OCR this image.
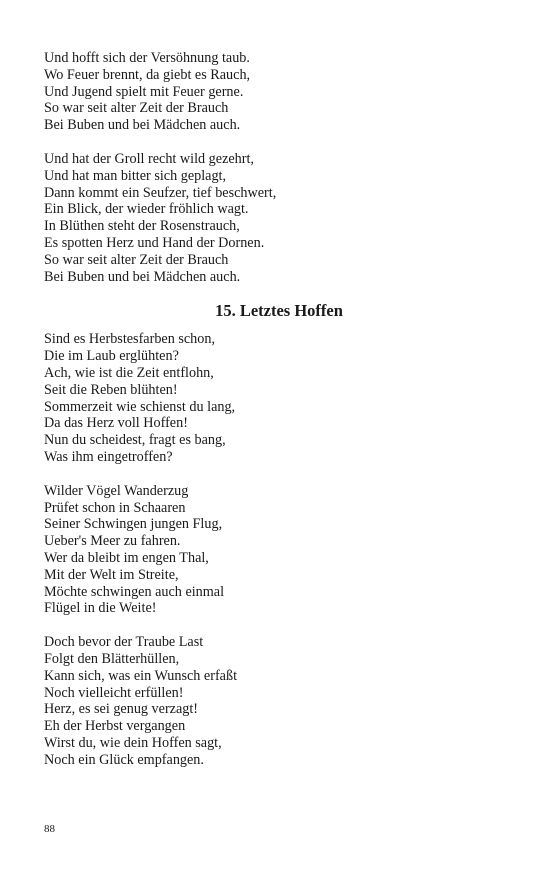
Und hofft sich der Versöhnung taub.
Wo Feuer brennt, da giebt es Rauch,
Und Jugend spielt mit Feuer gerne.
So war seit alter Zeit der Brauch
Bei Buben und bei Mädchen auch.
Und hat der Groll recht wild gezehrt,
Und hat man bitter sich geplagt,
Dann kommt ein Seufzer, tief beschwert,
Ein Blick, der wieder fröhlich wagt.
In Blüthen steht der Rosenstrauch,
Es spotten Herz und Hand der Dornen.
So war seit alter Zeit der Brauch
Bei Buben und bei Mädchen auch.
15. Letztes Hoffen
Sind es Herbstesfarben schon,
Die im Laub erglühten?
Ach, wie ist die Zeit entflohn,
Seit die Reben blühten!
Sommerzeit wie schienst du lang,
Da das Herz voll Hoffen!
Nun du scheidest, fragt es bang,
Was ihm eingetroffen?
Wilder Vögel Wanderzug
Prüfet schon in Schaaren
Seiner Schwingen jungen Flug,
Ueber's Meer zu fahren.
Wer da bleibt im engen Thal,
Mit der Welt im Streite,
Möchte schwingen auch einmal
Flügel in die Weite!
Doch bevor der Traube Last
Folgt den Blätterhüllen,
Kann sich, was ein Wunsch erfaßt
Noch vielleicht erfüllen!
Herz, es sei genug verzagt!
Eh der Herbst vergangen
Wirst du, wie dein Hoffen sagt,
Noch ein Glück empfangen.
88
